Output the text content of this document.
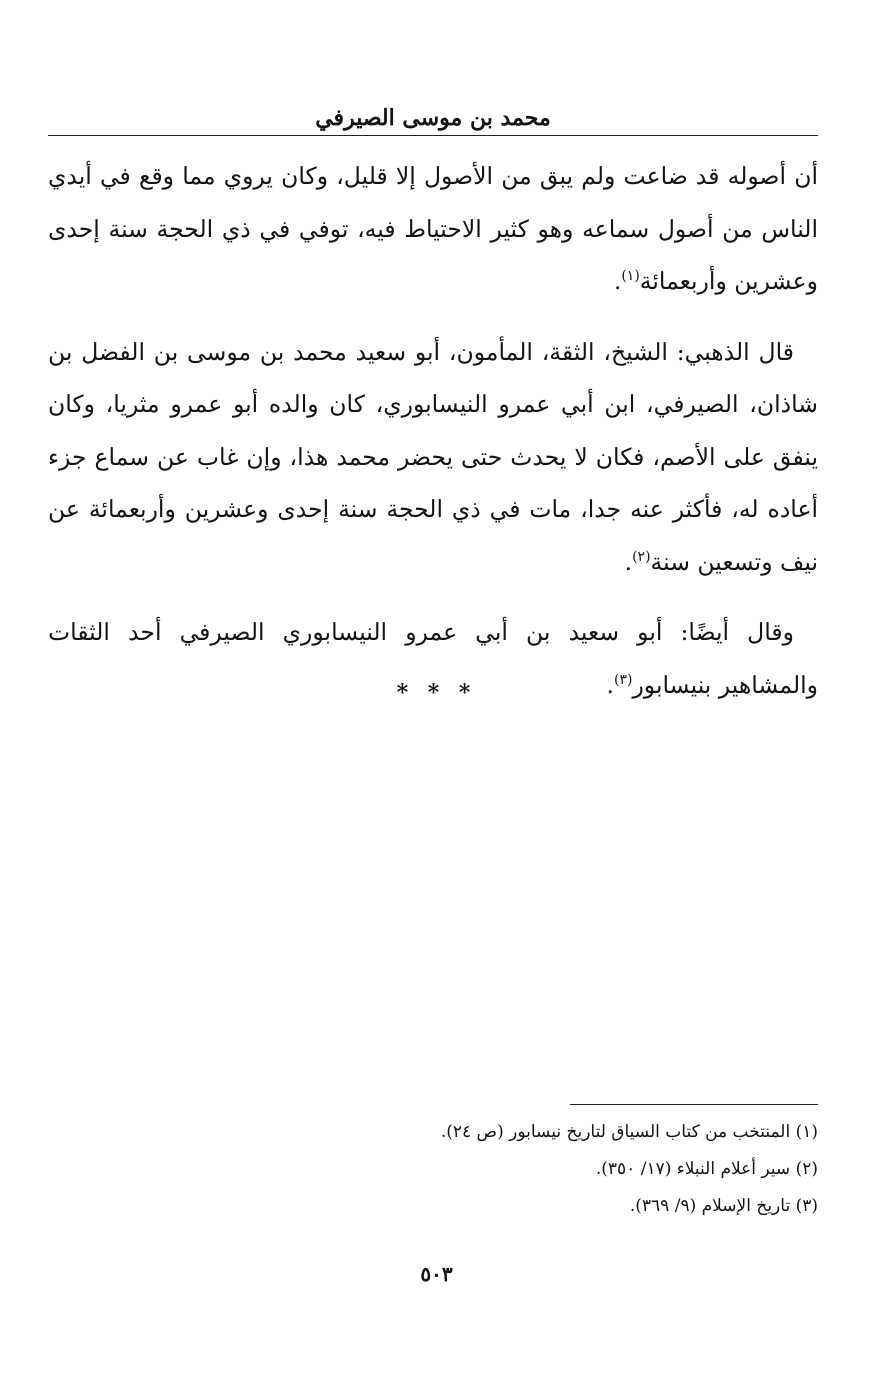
محمد بن موسى الصيرفي

أن أصوله قد ضاعت ولم يبق من الأصول إلا قليل، وكان يروي مما وقع في أيدي الناس من أصول سماعه وهو كثير الاحتياط فيه، توفي في ذي الحجة سنة إحدى وعشرين وأربعمائة$^{(١)}$.

قال الذهبي: الشيخ، الثقة، المأمون، أبو سعيد محمد بن موسى بن الفضل بن شاذان، الصيرفي، ابن أبي عمرو النيسابوري، كان والده أبو عمرو مثريا، وكان ينفق على الأصم، فكان لا يحدث حتى يحضر محمد هذا، وإن غاب عن سماع جزء أعاده له، فأكثر عنه جدا، مات في ذي الحجة سنة إحدى وعشرين وأربعمائة عن نيف وتسعين سنة$^{(٢)}$.

وقال أيضًا: أبو سعيد بن أبي عمرو النيسابوري الصيرفي أحد الثقات والمشاهير بنيسابور$^{(٣)}$.

* * *

(١) المنتخب من كتاب السياق لتاريخ نيسابور (ص ٢٤).

(٢) سير أعلام النبلاء (١٧/ ٣٥٠).

(٣) تاريخ الإسلام (٩/ ٣٦٩).

٥٠٣
